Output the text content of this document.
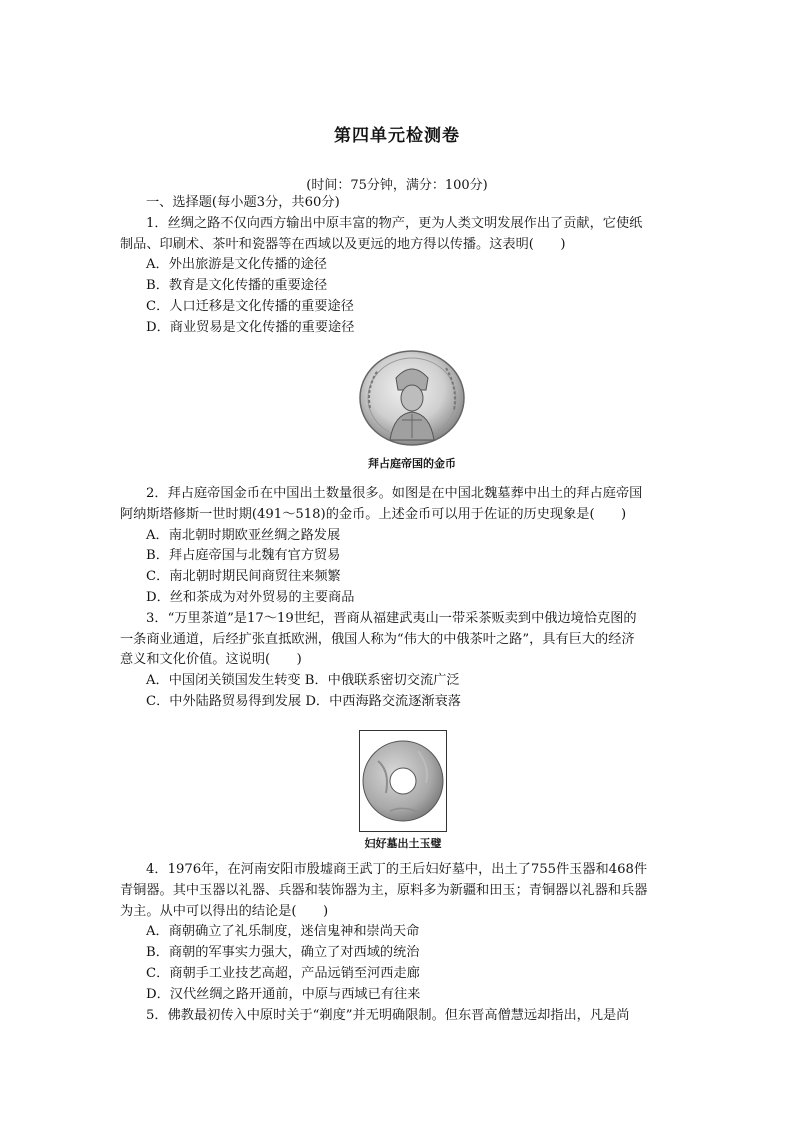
第四单元检测卷
(时间：75分钟，满分：100分)
一、选择题(每小题3分，共60分)
1．丝绸之路不仅向西方输出中原丰富的物产，更为人类文明发展作出了贡献，它使纸
制品、印刷术、茶叶和瓷器等在西域以及更远的地方得以传播。这表明(　　)
A．外出旅游是文化传播的途径
B．教育是文化传播的重要途径
C．人口迁移是文化传播的重要途径
D．商业贸易是文化传播的重要途径
拜占庭帝国的金币
2．拜占庭帝国金币在中国出土数量很多。如图是在中国北魏墓葬中出土的拜占庭帝国
阿纳斯塔修斯一世时期(491～518)的金币。上述金币可以用于佐证的历史现象是(　　)
A．南北朝时期欧亚丝绸之路发展
B．拜占庭帝国与北魏有官方贸易
C．南北朝时期民间商贸往来频繁
D．丝和茶成为对外贸易的主要商品
3．“万里茶道”是17～19世纪，晋商从福建武夷山一带采茶贩卖到中俄边境恰克图的
一条商业通道，后经扩张直抵欧洲，俄国人称为“伟大的中俄茶叶之路”，具有巨大的经济
意义和文化价值。这说明(　　)
A．中国闭关锁国发生转变 B．中俄联系密切交流广泛
C．中外陆路贸易得到发展 D．中西海路交流逐渐衰落
妇好墓出土玉璧
4．1976年，在河南安阳市殷墟商王武丁的王后妇好墓中，出土了755件玉器和468件
青铜器。其中玉器以礼器、兵器和装饰器为主，原料多为新疆和田玉；青铜器以礼器和兵器
为主。从中可以得出的结论是(　　)
A．商朝确立了礼乐制度，迷信鬼神和崇尚天命
B．商朝的军事实力强大，确立了对西域的统治
C．商朝手工业技艺高超，产品远销至河西走廊
D．汉代丝绸之路开通前，中原与西域已有往来
5．佛教最初传入中原时关于“剃度”并无明确限制。但东晋高僧慧远却指出，凡是尚
